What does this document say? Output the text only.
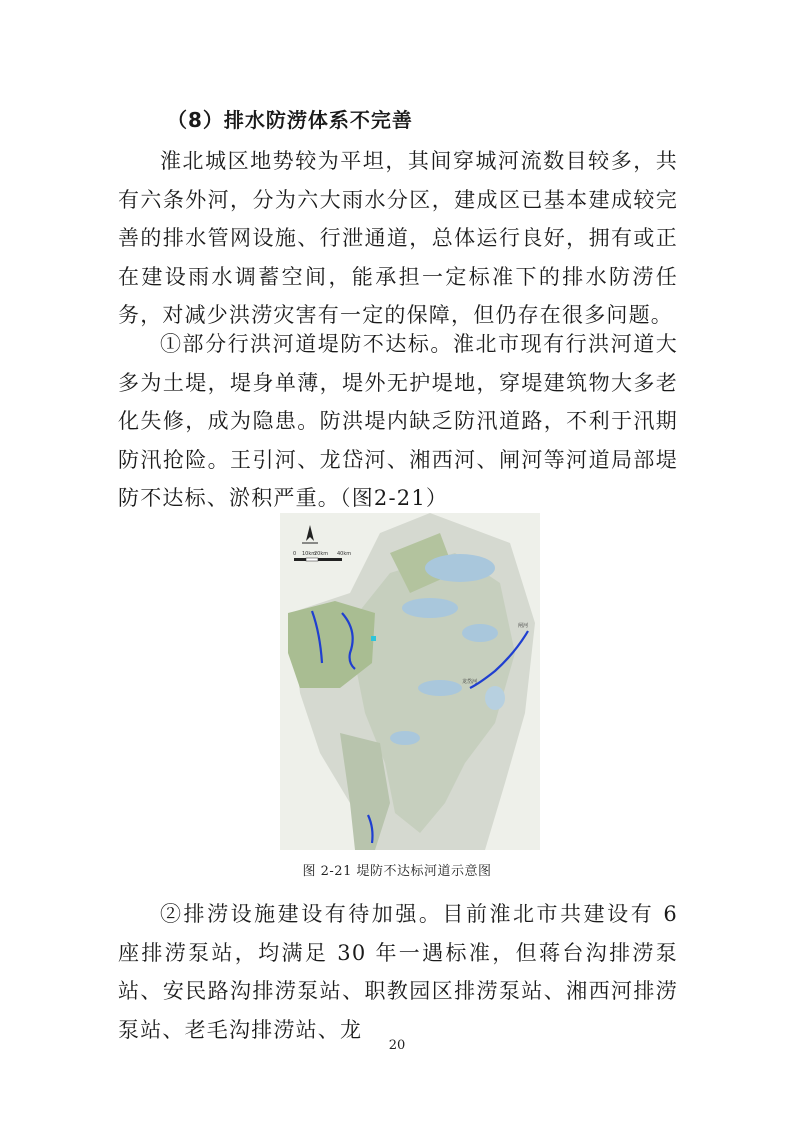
（8）排水防涝体系不完善

淮北城区地势较为平坦，其间穿城河流数目较多，共有六条外河，分为六大雨水分区，建成区已基本建成较完善的排水管网设施、行泄通道，总体运行良好，拥有或正在建设雨水调蓄空间，能承担一定标准下的排水防涝任务，对减少洪涝灾害有一定的保障，但仍存在很多问题。

①部分行洪河道堤防不达标。淮北市现有行洪河道大多为土堤，堤身单薄，堤外无护堤地，穿堤建筑物大多老化失修，成为隐患。防洪堤内缺乏防汛道路，不利于汛期防汛抢险。王引河、龙岱河、湘西河、闸河等河道局部堤防不达标、淤积严重。（图2-21）

闸河
龙岱河
0 10km
20km 40km

图 2-21 堤防不达标河道示意图

②排涝设施建设有待加强。目前淮北市共建设有 6 座排涝泵站，均满足 30 年一遇标准，但蒋台沟排涝泵站、安民路沟排涝泵站、职教园区排涝泵站、湘西河排涝泵站、老毛沟排涝站、龙

20
